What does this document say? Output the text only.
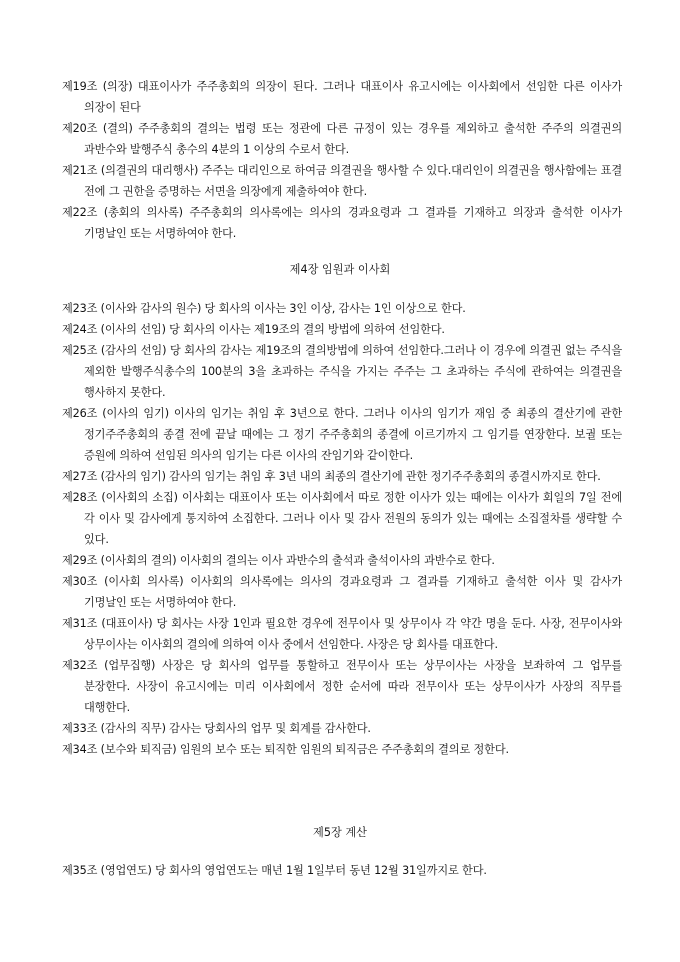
제19조 (의장) 대표이사가 주주총회의 의장이 된다. 그러나 대표이사 유고시에는 이사회에서 선임한 다른 이사가 의장이 된다

제20조 (결의) 주주총회의 결의는 법령 또는 정관에 다른 규정이 있는 경우를 제외하고 출석한 주주의 의결권의 과반수와 발행주식 총수의 4분의 1 이상의 수로서 한다.

제21조 (의결권의 대리행사) 주주는 대리인으로 하여금 의결권을 행사할 수 있다.대리인이 의결권을 행사함에는 표결 전에 그 권한을 증명하는 서면을 의장에게 제출하여야 한다.

제22조 (총회의 의사록) 주주총회의 의사록에는 의사의 경과요령과 그 결과를 기재하고 의장과 출석한 이사가 기명날인 또는 서명하여야 한다.

제4장 임원과 이사회

제23조 (이사와 감사의 원수) 당 회사의 이사는 3인 이상, 감사는 1인 이상으로 한다.

제24조 (이사의 선임) 당 회사의 이사는 제19조의 결의 방법에 의하여 선임한다.

제25조 (감사의 선임) 당 회사의 감사는 제19조의 결의방법에 의하여 선임한다.그러나 이 경우에 의결권 없는 주식을 제외한 발행주식총수의 100분의 3을 초과하는 주식을 가지는 주주는 그 초과하는 주식에 관하여는 의결권을 행사하지 못한다.

제26조 (이사의 임기) 이사의 임기는 취임 후 3년으로 한다. 그러나 이사의 임기가 재임 중 최종의 결산기에 관한 정기주주총회의 종결 전에 끝날 때에는 그 정기 주주총회의 종결에 이르기까지 그 임기를 연장한다. 보궐 또는 증원에 의하여 선임된 의사의 임기는 다른 이사의 잔임기와 같이한다.

제27조 (감사의 임기) 감사의 임기는 취임 후 3년 내의 최종의 결산기에 관한 정기주주총회의 종결시까지로 한다.

제28조 (이사회의 소집) 이사회는 대표이사 또는 이사회에서 따로 정한 이사가 있는 때에는 이사가 회일의 7일 전에 각 이사 및 감사에게 통지하여 소집한다. 그러나 이사 및 감사 전원의 동의가 있는 때에는 소집절차를 생략할 수 있다.

제29조 (이사회의 결의) 이사회의 결의는 이사 과반수의 출석과 출석이사의 과반수로 한다.

제30조 (이사회 의사록) 이사회의 의사록에는 의사의 경과요령과 그 결과를 기재하고 출석한 이사 및 감사가 기명날인 또는 서명하여야 한다.

제31조 (대표이사) 당 회사는 사장 1인과 필요한 경우에 전무이사 및 상무이사 각 약간 명을 둔다. 사장, 전무이사와 상무이사는 이사회의 결의에 의하여 이사 중에서 선임한다. 사장은 당 회사를 대표한다.

제32조 (업무집행) 사장은 당 회사의 업무를 통할하고 전무이사 또는 상무이사는 사장을 보좌하여 그 업무를 분장한다. 사장이 유고시에는 미리 이사회에서 정한 순서에 따라 전무이사 또는 상무이사가 사장의 직무를 대행한다.

제33조 (감사의 직무) 감사는 당회사의 업무 및 회계를 감사한다.

제34조 (보수와 퇴직금) 임원의 보수 또는 퇴직한 임원의 퇴직금은 주주총회의 결의로 정한다.

제5장 계산

제35조 (영업연도) 당 회사의 영업연도는 매년 1월 1일부터 동년 12월 31일까지로 한다.
